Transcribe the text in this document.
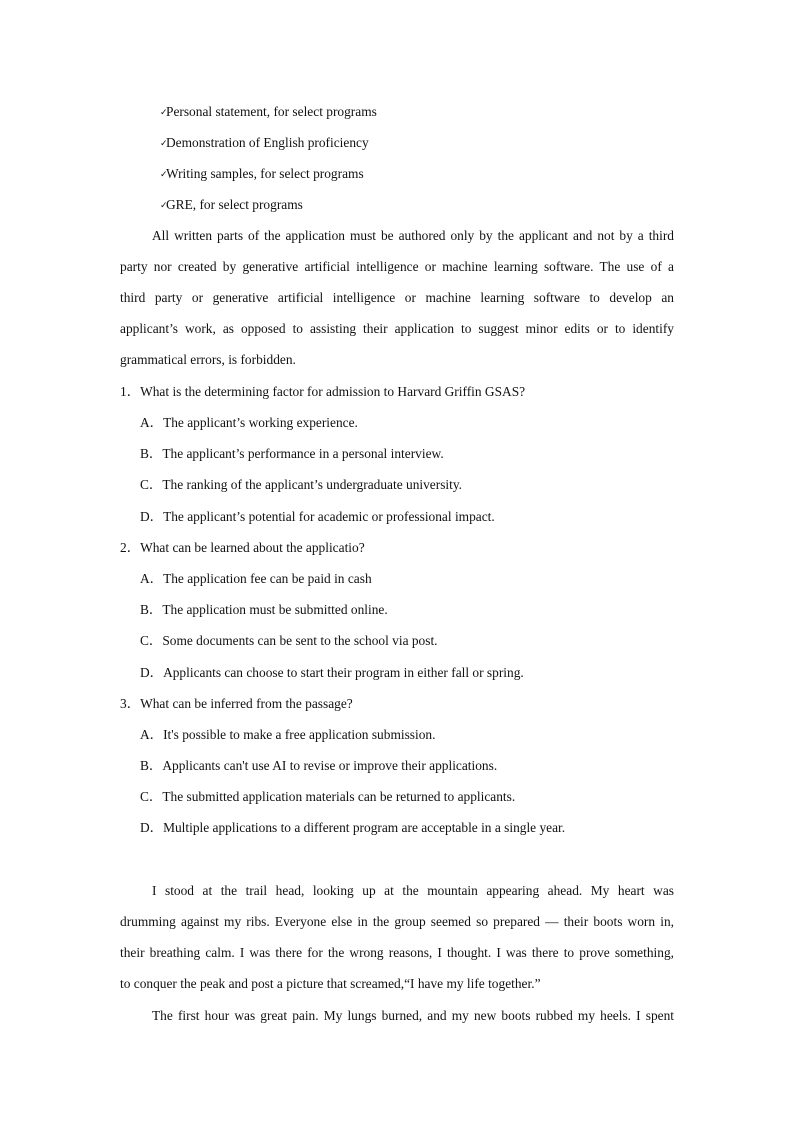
✓Personal statement, for select programs
✓Demonstration of English proficiency
✓Writing samples, for select programs
✓GRE, for select programs
All written parts of the application must be authored only by the applicant and not by a third
party nor created by generative artificial intelligence or machine learning software. The use of a
third party or generative artificial intelligence or machine learning software to develop an
applicant’s work, as opposed to assisting their application to suggest minor edits or to identify
grammatical errors, is forbidden.
1．What is the determining factor for admission to Harvard Griffin GSAS?
A．The applicant’s working experience.
B．The applicant’s performance in a personal interview.
C．The ranking of the applicant’s undergraduate university.
D．The applicant’s potential for academic or professional impact.
2．What can be learned about the applicatio?
A．The application fee can be paid in cash
B．The application must be submitted online.
C．Some documents can be sent to the school via post.
D．Applicants can choose to start their program in either fall or spring.
3．What can be inferred from the passage?
A．It's possible to make a free application submission.
B．Applicants can't use AI to revise or improve their applications.
C．The submitted application materials can be returned to applicants.
D．Multiple applications to a different program are acceptable in a single year.
I stood at the trail head, looking up at the mountain appearing ahead. My heart was
drumming against my ribs. Everyone else in the group seemed so prepared — their boots worn in,
their breathing calm. I was there for the wrong reasons, I thought. I was there to prove something,
to conquer the peak and post a picture that screamed,“I have my life together.”
The first hour was great pain. My lungs burned, and my new boots rubbed my heels. I spent
